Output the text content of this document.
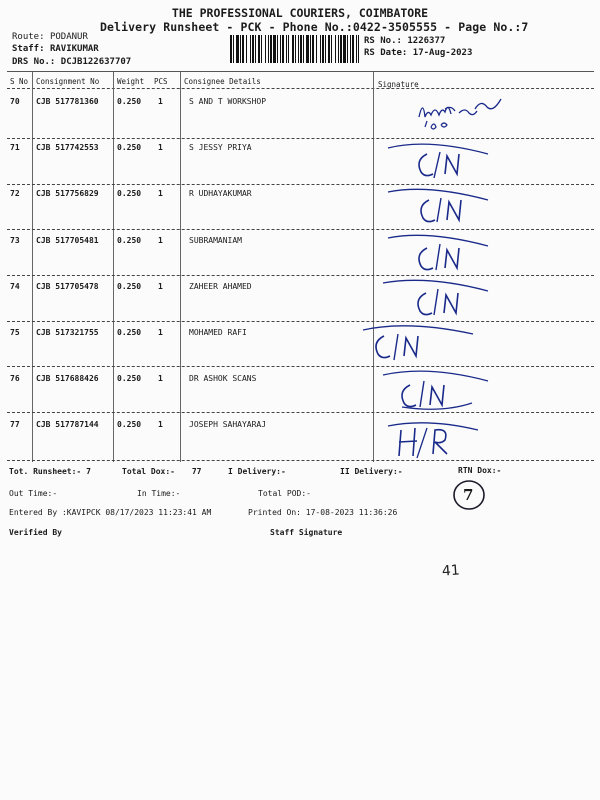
THE PROFESSIONAL COURIERS, COIMBATORE
Delivery Runsheet - PCK - Phone No.:0422-3505555 - Page No.:7
Route: PODANUR
Staff: RAVIKUMAR
DRS No.: DCJB122637707
RS No.: 1226377
RS Date: 17-Aug-2023
S No Consignment No Weight PCS Consignee Details	Signature
70 CJB 517781360 0.250 1	S AND T WORKSHOP
71 CJB 517742553 0.250 1	S JESSY PRIYA
72 CJB 517756829 0.250 1	R UDHAYAKUMAR
73 CJB 517705481 0.250 1	SUBRAMANIAM
74 CJB 517705478 0.250 1	ZAHEER AHAMED
75 CJB 517321755 0.250 1	MOHAMED RAFI
76 CJB 517688426 0.250 1	DR ASHOK SCANS
77 CJB 517787144 0.250 1	JOSEPH SAHAYARAJ
Tot. Runsheet:- 7	Total Dox:- 77	I Delivery:-	II Delivery:-	RTN Dox:-
Out Time:-	In Time:-	Total POD:-	7
Entered By :KAVIPCK 08/17/2023 11:23:41 AM	Printed On: 17-08-2023 11:36:26
Verified By	Staff Signature
41
